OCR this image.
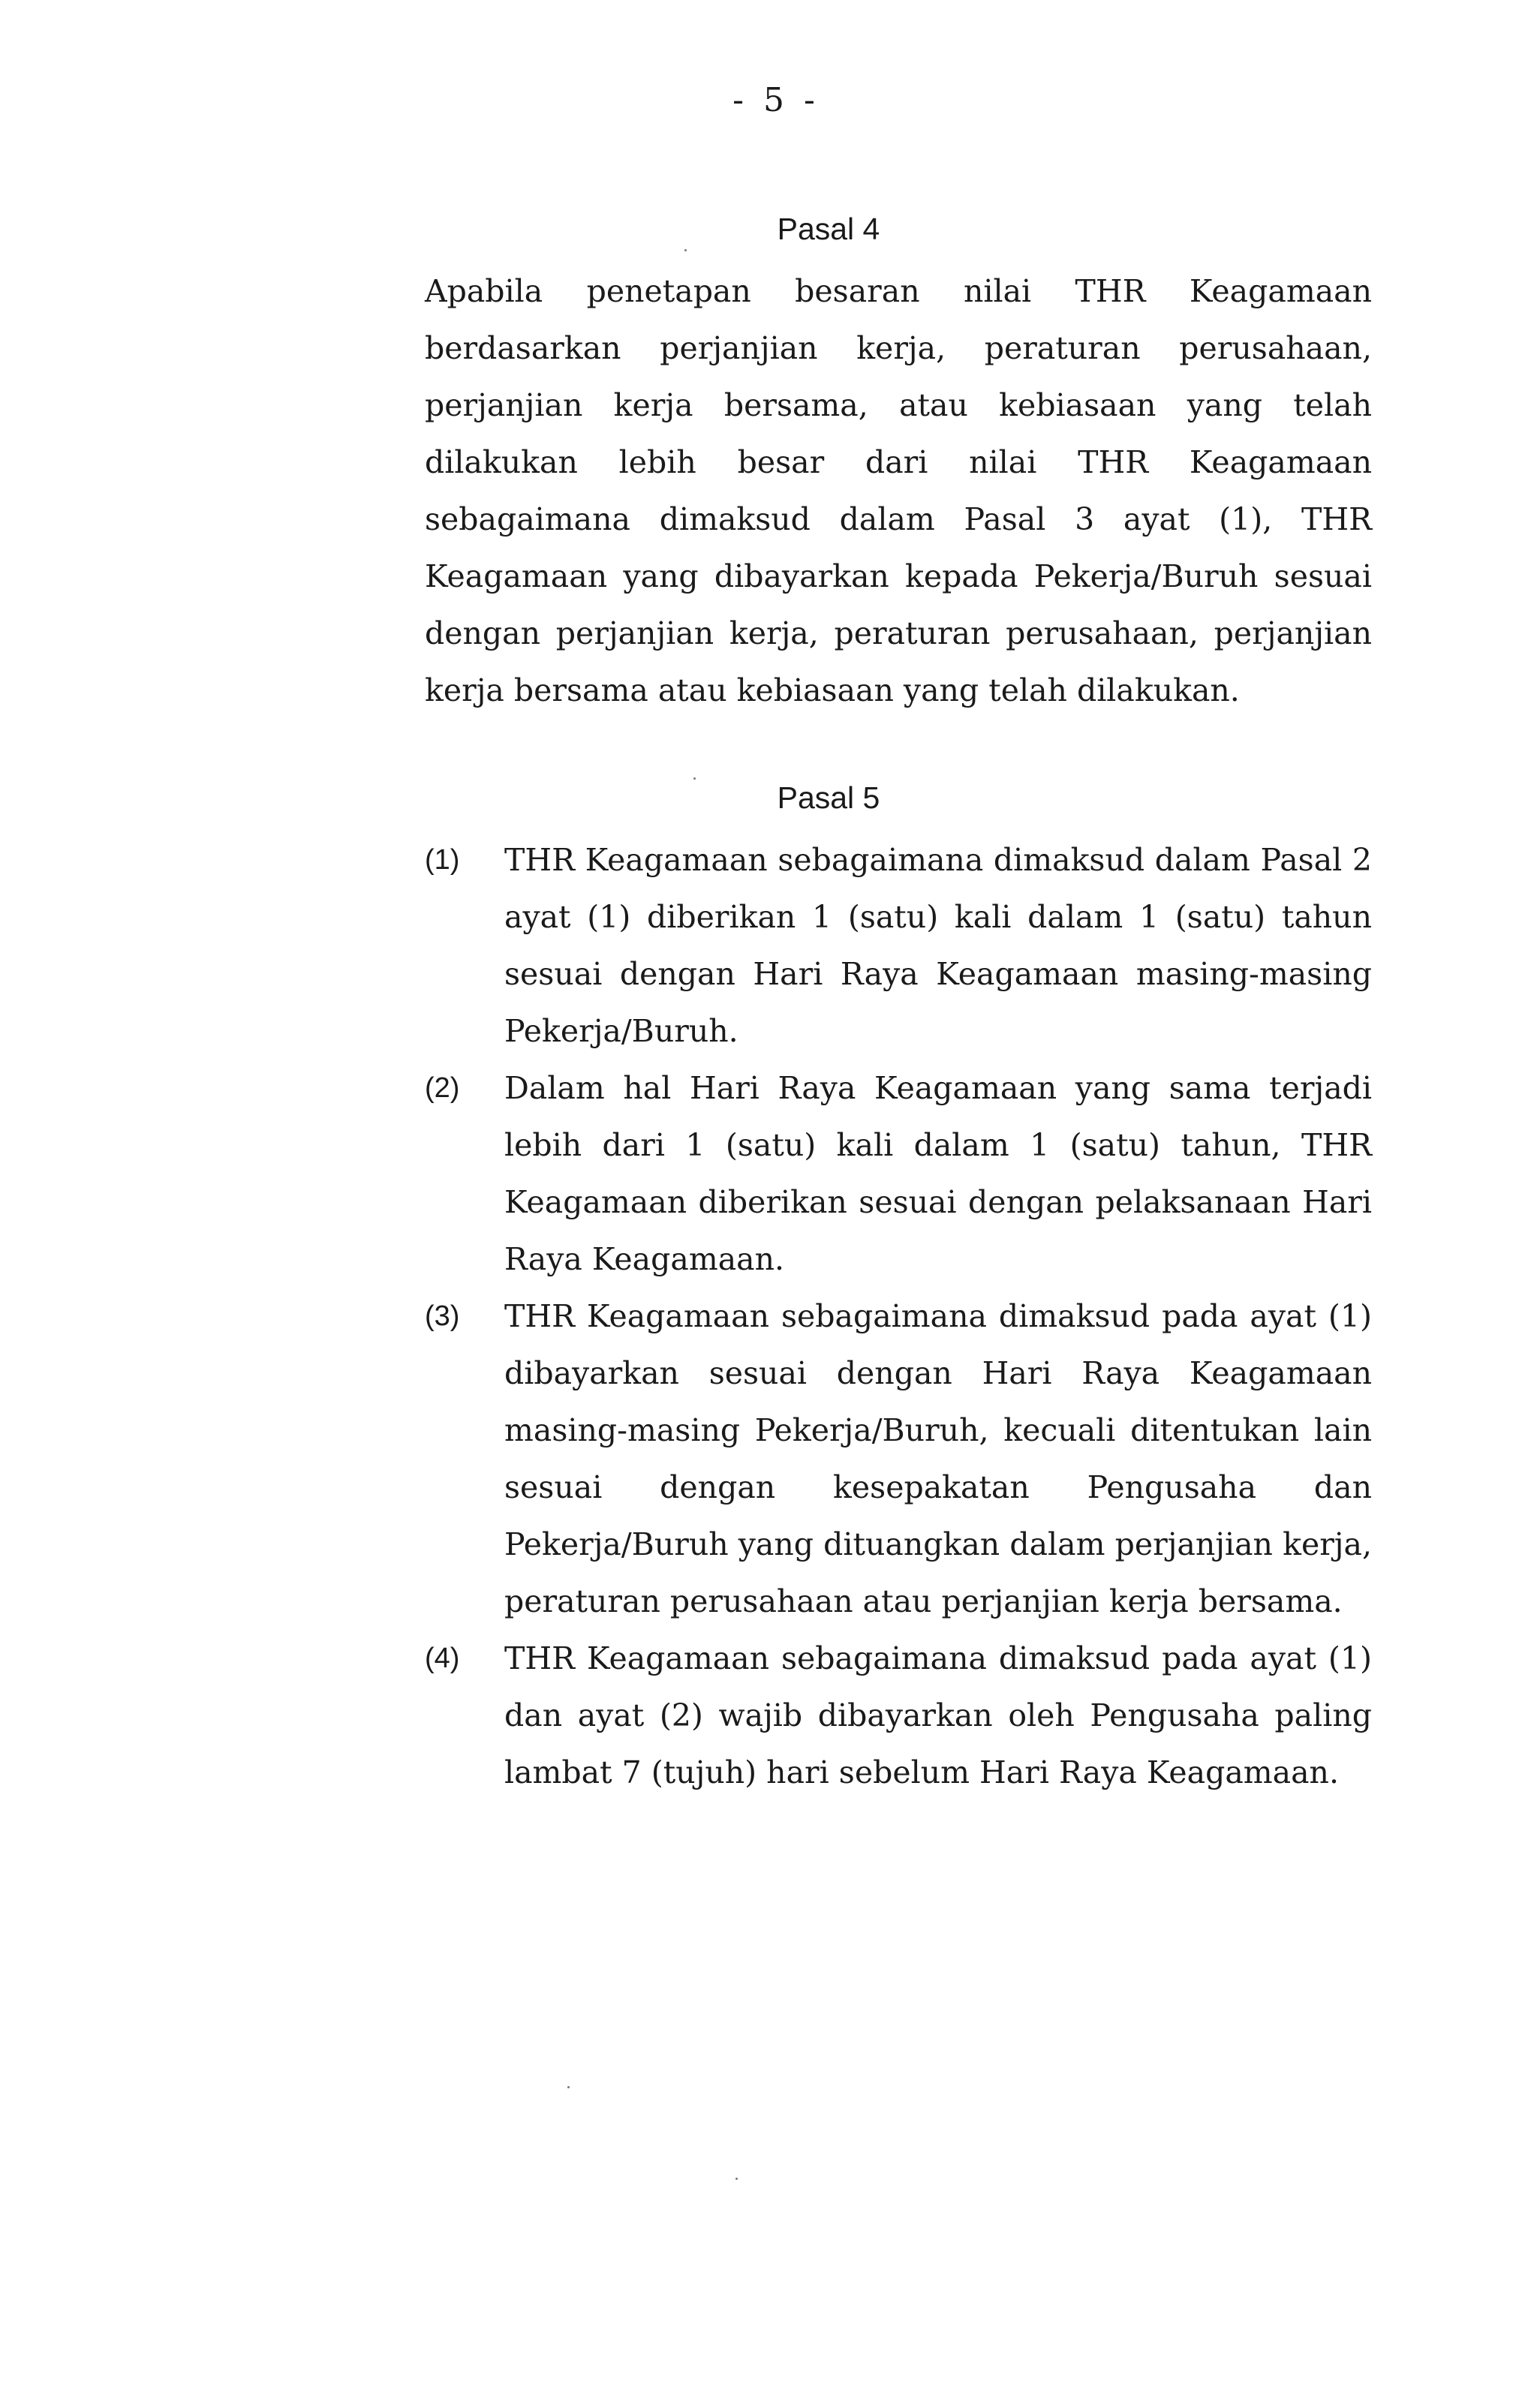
- 5 -
Pasal 4
Apabila penetapan besaran nilai THR Keagamaan berdasarkan perjanjian kerja, peraturan perusahaan, perjanjian kerja bersama, atau kebiasaan yang telah dilakukan lebih besar dari nilai THR Keagamaan sebagaimana dimaksud dalam Pasal 3 ayat (1), THR Keagamaan yang dibayarkan kepada Pekerja/Buruh sesuai dengan perjanjian kerja, peraturan perusahaan, perjanjian kerja bersama atau kebiasaan yang telah dilakukan.
Pasal 5
(1)	THR Keagamaan sebagaimana dimaksud dalam Pasal 2 ayat (1) diberikan 1 (satu) kali dalam 1 (satu) tahun sesuai dengan Hari Raya Keagamaan masing-masing Pekerja/Buruh.
(2)	Dalam hal Hari Raya Keagamaan yang sama terjadi lebih dari 1 (satu) kali dalam 1 (satu) tahun, THR Keagamaan diberikan sesuai dengan pelaksanaan Hari Raya Keagamaan.
(3)	THR Keagamaan sebagaimana dimaksud pada ayat (1) dibayarkan sesuai dengan Hari Raya Keagamaan masing-masing Pekerja/Buruh, kecuali ditentukan lain sesuai dengan kesepakatan Pengusaha dan Pekerja/Buruh yang dituangkan dalam perjanjian kerja, peraturan perusahaan atau perjanjian kerja bersama.
(4)	THR Keagamaan sebagaimana dimaksud pada ayat (1) dan ayat (2) wajib dibayarkan oleh Pengusaha paling lambat 7 (tujuh) hari sebelum Hari Raya Keagamaan.
